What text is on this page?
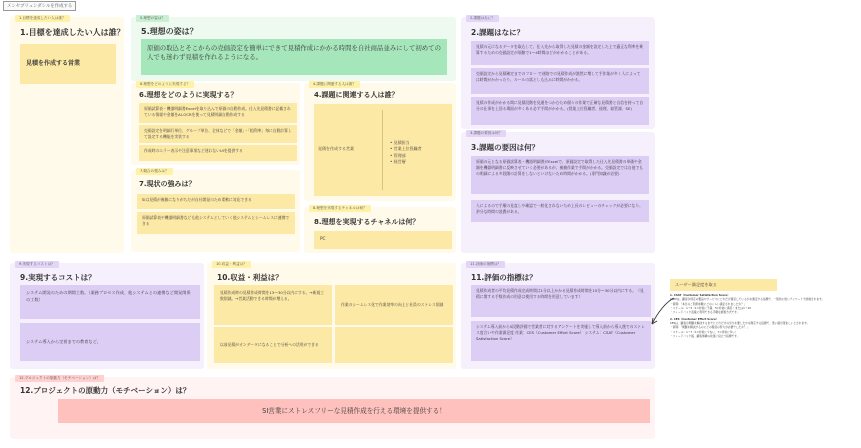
メンセブリュンダシルを作成する
1.目標を達成したい人は誰？
1.目標を達成したい人は誰？
見積を作成する営業
5.理想の姿は？
5.理想の姿は？
原価の取込とそこからの売価設定を簡単にできて見積作成にかかる時間を自社商品並みにして初めての人でも迷わず見積を作れるようになる。
6.理想をどのように実現する？
6.理想をどのように実現する？
原価試算表・機器明細書Excelを取り込んで原価の自動作成。仕入先見積書に記載されている情報や金額をAI-OCRを使って見積明細自動作成する
売価設定を明細行単位、グループ単位、全体などで「金額」・「粗利率」毎に自動計算して設定する機能を実装する
作成時のエラー表示や注意事項など迷わないUIを提供する
4.課題に関連する人は誰？
4.課題に関連する人は誰？
見積を作成する営業
• 見積担当
• 営業上位役職者
• 管理部
• 経営層
7.競合の強みは？
7.現状の強みは？
SIは見積が複雑になりがちだが自社開発のため柔軟に対応できる
原価試算表や機器明細書なども他システムとしていく他システムとシームレスに連携できる
8.理想を実現するチャネルは何？
8.理想を実現するチャネルは何？
PC
2.課題はなに？
2.課題はなに？
見積の元になるデータを取込して、仕入先から取得した見積の金額を設定した上で適正な利率を乗算するための売価設定が煩雑で1〜4時間ほどがかかることがある。
売価設定から見積確定までのフロー で迷路での見積作成が漠然に増して手作業が多く人によっては時間がかかったり、ルールの落としも込みに時間がかかる。
見積の作成がかかる間に見積段階を見通をつかむため個々の作業で正確な見積書と自信を持って自分の仕事を上回る場面が多くある必ず手間がかかる。(授業上位役職者、経理、取管課、SE)
3.課題の要因は何？
3.課題の要因は何？
原価の元となる原価試算表・機器明細書がExcelで、原価設定で取得した仕入先見積書の単価や金額を機器明細書に反映させていく必要があるが、複雑作業で手間がかかる。売価設定では自他でもの明細による多段階の計算をしないといけないため時間がかかる。(専門知識が必要)
人によるので手順の見直しや確認で一般化されないため上長のレビューのチェックが必要になり、余分な時間の浪費がある。
9.実現するコストは？
9.実現するコストは？
システム開発のための期間工数。（業務プロセス作成、他システムとの連携など開発関係の工数）
システム導入から定着までの教育など。
10.収益・利益は？
10.収益・利益は？
見積作成時の見積作成時間を13〜30分以内にする。→新規工数削減。→営業活動できる時間が増える。
作業のシームレス化で作業効率の向上と社員のストレス削減
以前見積がオンデータになることで分析への活用ができる
11.評価の指標は？
11.評価の指標は？
見積作成者の平均見積作成完成時間は1分以上かかる見積作成時間を15分〜30分以内にする。（見積に関する手数作成の用意は使用する時間を用意しています）
システム導入前から5段階評価で営業者に対するアンケートを実施して導入前から導入後でのストレス度合いや作業満足度 作業：CES（Customer Effort Score） システム：CSAT（Customer Satisfaction Score）
12.プロジェクトの原動力（モチベーション）は？
12.プロジェクトの原動力（モチベーション）は？
SI営業にストレスフリーな見積作成を行える環境を提供する！
ユーザー満足度を取る
1. CSAT（Customer Satisfaction Score）
CSATは、顧客が特定の製品やサービスにどれだけ満足しているかを測定する指標で、一般的に短いアンケートで評価されます。
・質問：「本日のご利用体験にどのくらい満足されましたか？」
・スケール：1〜5（1=非常に不満、5=非常に満足）または1〜10
・フィードバック直後に利用できる手軽な調査方式です。
2. CES（Customer Effort Score）
CESは、顧客が問題を解決するまでにどれだけの労力を要したかを測定する指標で、低い値が望ましいとされます。
・質問：「問題を解決するのにどの程度の努力が必要でしたか？」
・スケール：1〜7（1=非常に少ない、7=非常に多い）
・フィードバック後、顧客体験の改善に役立つ指標です。
